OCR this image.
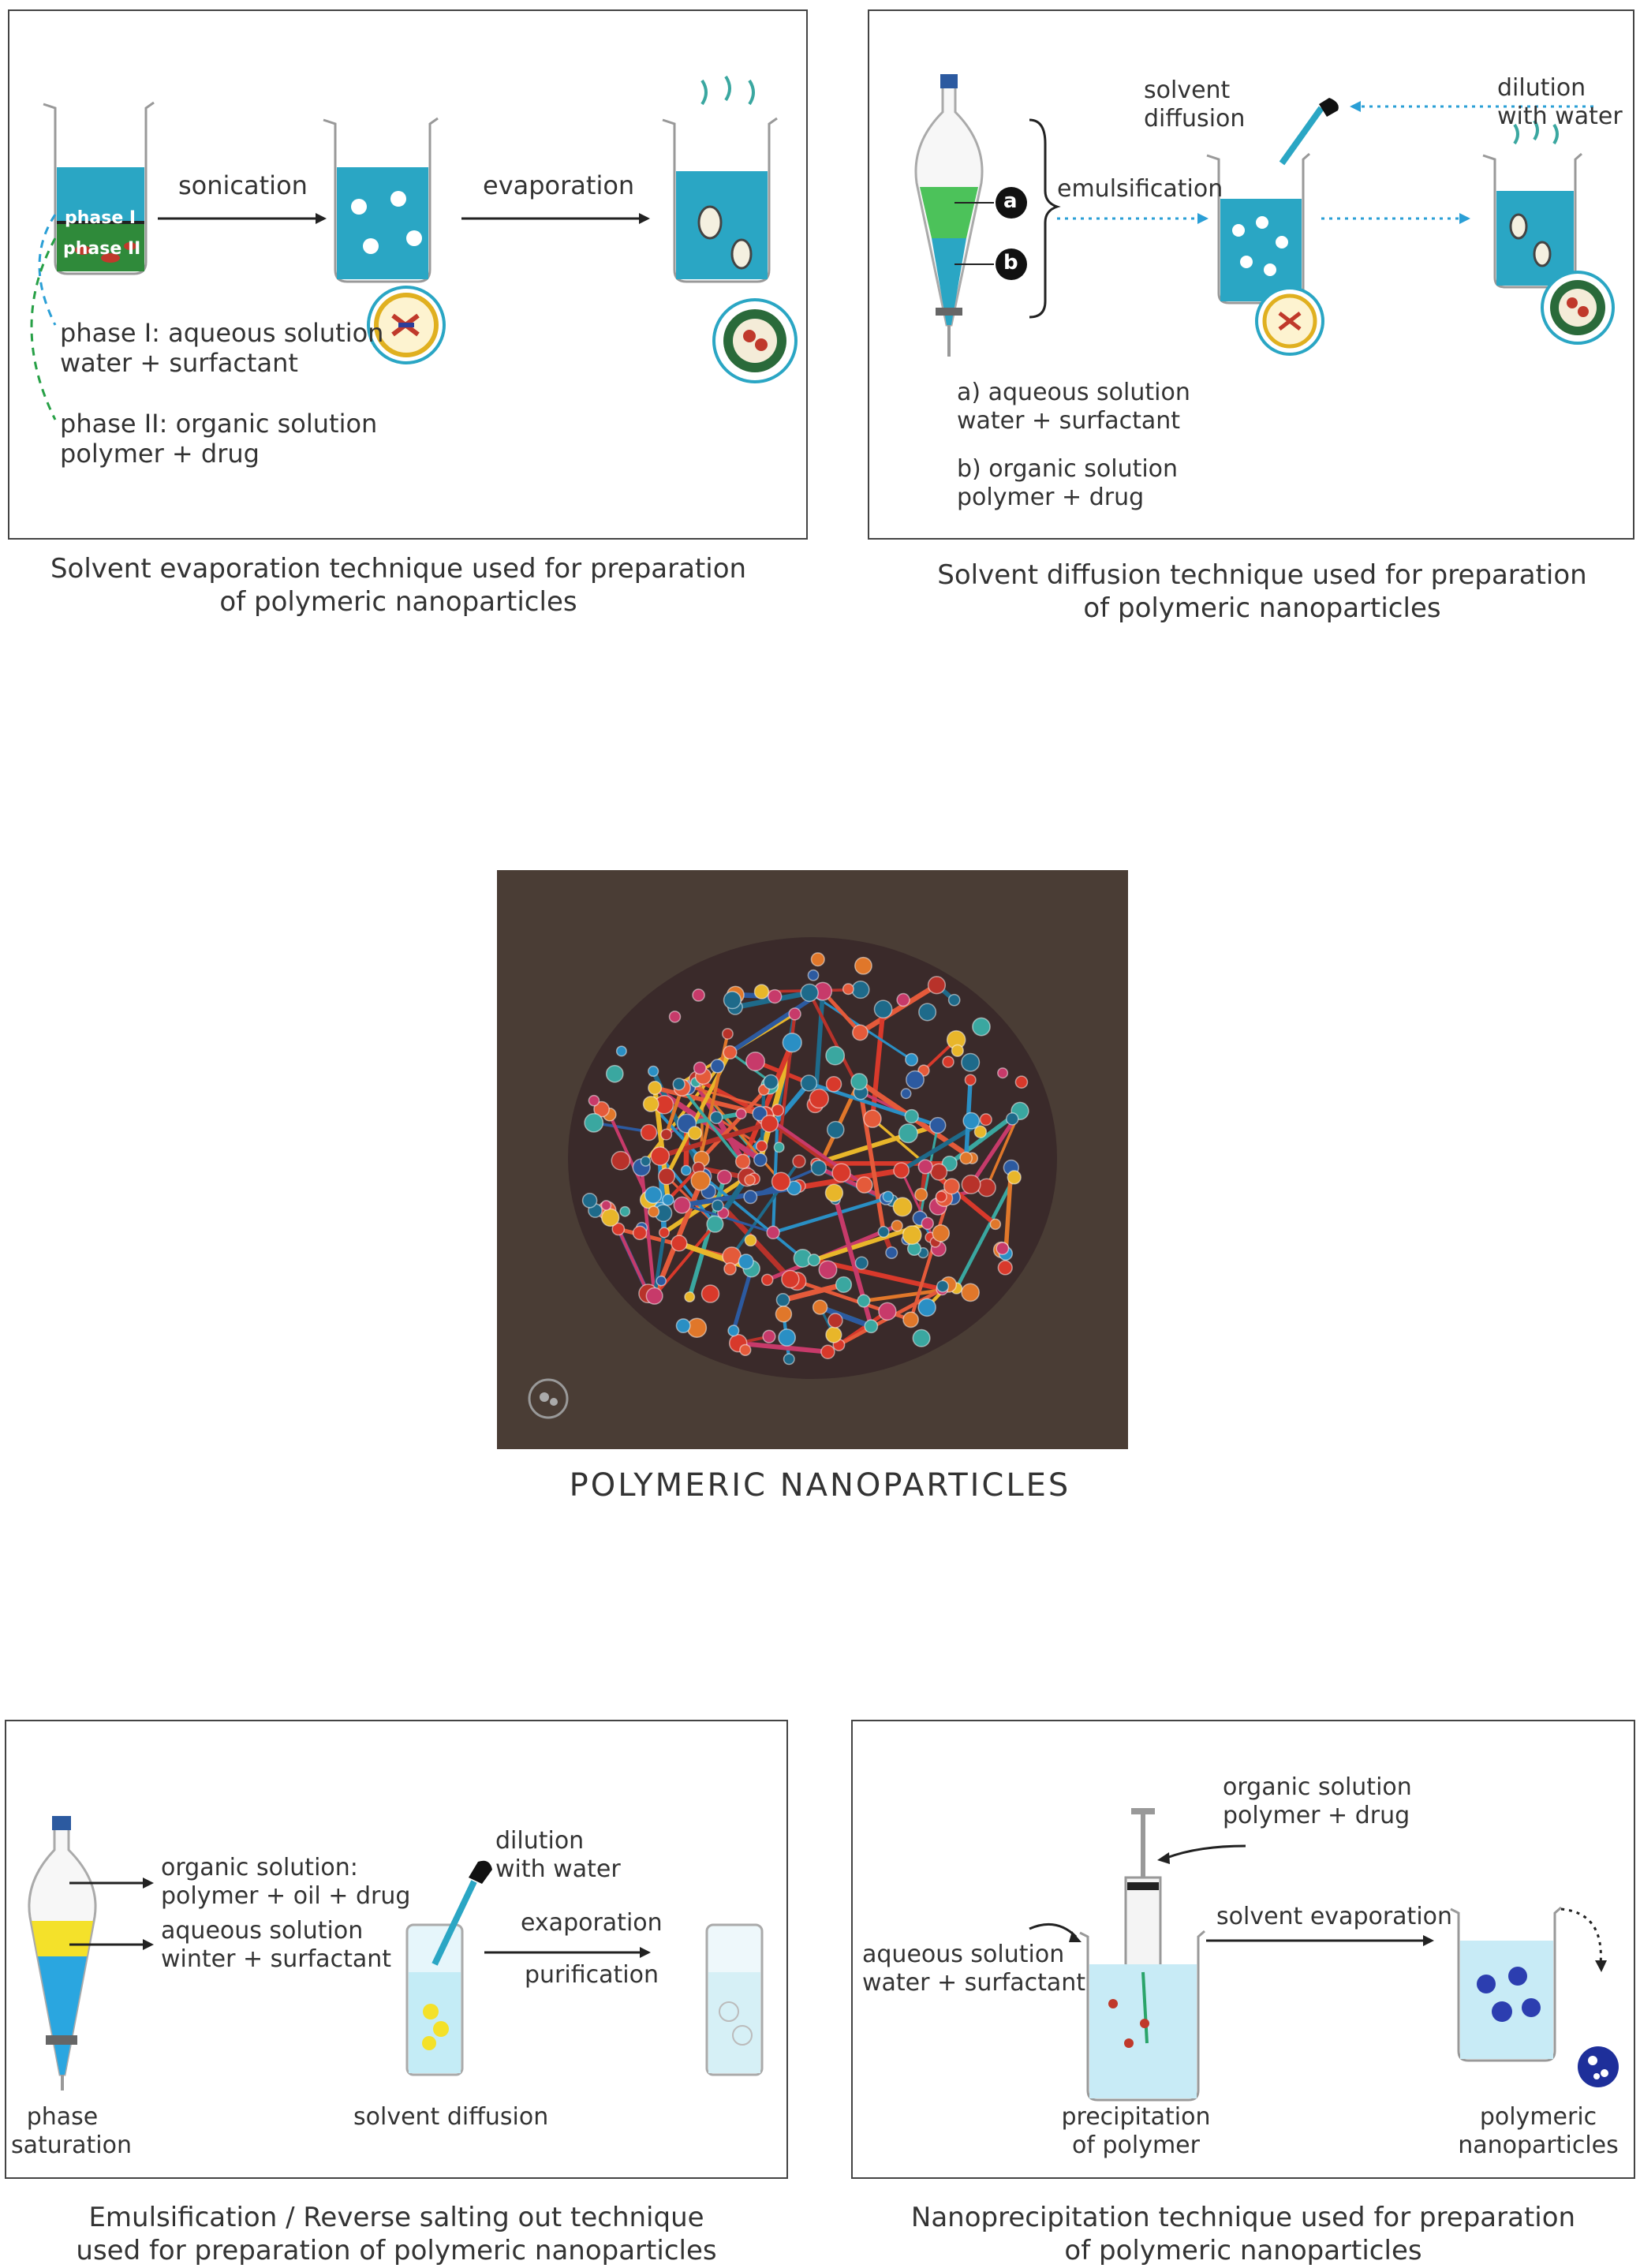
phase I
phase II
sonication	evaporation
phase I: aqueous solution
water + surfactant
phase II: organic solution
polymer + drug
Solvent evaporation technique used for preparation
of polymeric nanoparticles
a
b
emulsification
solvent
diffusion
dilution
with water
a) aqueous solution
water + surfactant
b) organic solution
polymer + drug
Solvent diffusion technique used for preparation
of polymeric nanoparticles
POLYMERIC NANOPARTICLES
organic solution:
polymer + oil + drug
aqueous solution
winter + surfactant
dilution
with water
exaporation
purification
phase
saturation
solvent diffusion
Emulsification / Reverse salting out technique
used for preparation of polymeric nanoparticles
organic solution
polymer + drug
aqueous solution
water + surfactant
solvent evaporation
precipitation
of polymer
polymeric
nanoparticles
Nanoprecipitation technique used for preparation
of polymeric nanoparticles
